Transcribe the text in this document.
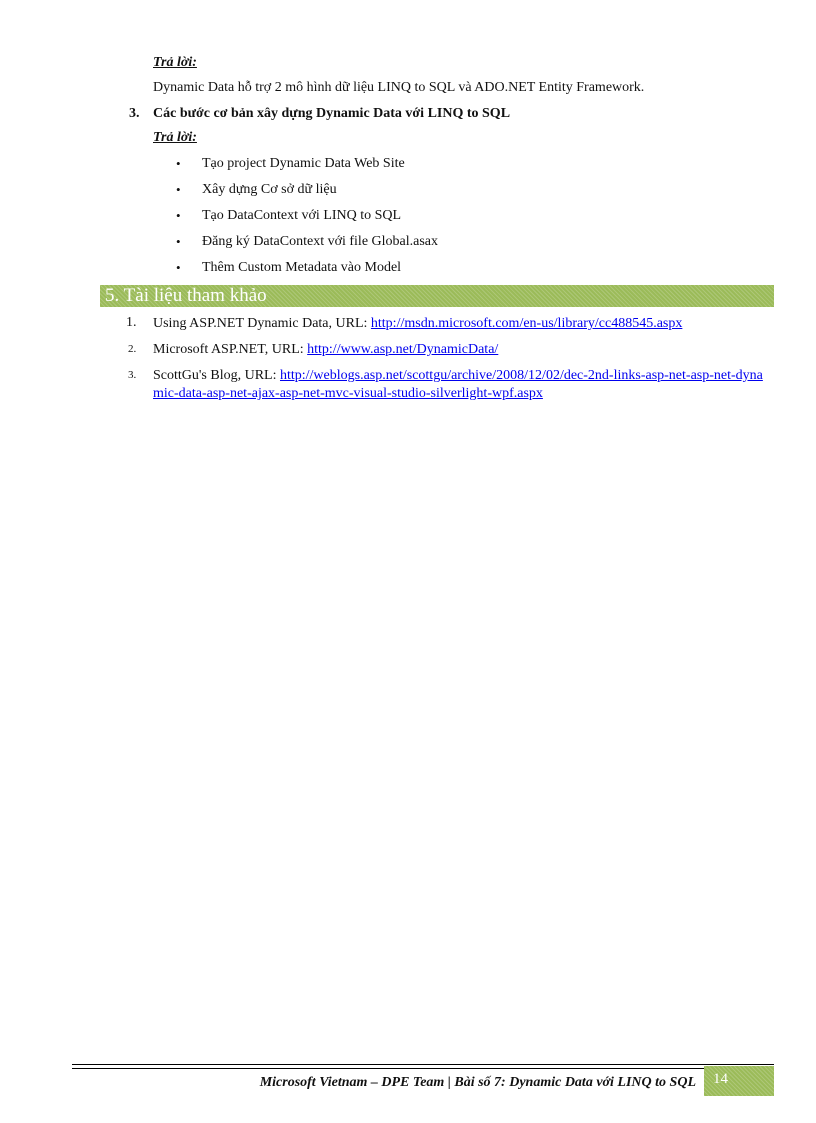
Trả lời:
Dynamic Data hỗ trợ 2 mô hình dữ liệu LINQ to SQL và ADO.NET Entity Framework.
3. Các bước cơ bản xây dựng Dynamic Data với LINQ to SQL
Trả lời:
• Tạo project Dynamic Data Web Site
• Xây dựng Cơ sở dữ liệu
• Tạo DataContext với LINQ to SQL
• Đăng ký DataContext với file Global.asax
• Thêm Custom Metadata vào Model
5. Tài liệu tham khảo
1. Using ASP.NET Dynamic Data, URL: http://msdn.microsoft.com/en-us/library/cc488545.aspx
2. Microsoft ASP.NET, URL: http://www.asp.net/DynamicData/
3. ScottGu's Blog, URL: http://weblogs.asp.net/scottgu/archive/2008/12/02/dec-2nd-links-asp-net-asp-net-dynamic-data-asp-net-ajax-asp-net-mvc-visual-studio-silverlight-wpf.aspx
Microsoft Vietnam – DPE Team | Bài số 7: Dynamic Data với LINQ to SQL 14
